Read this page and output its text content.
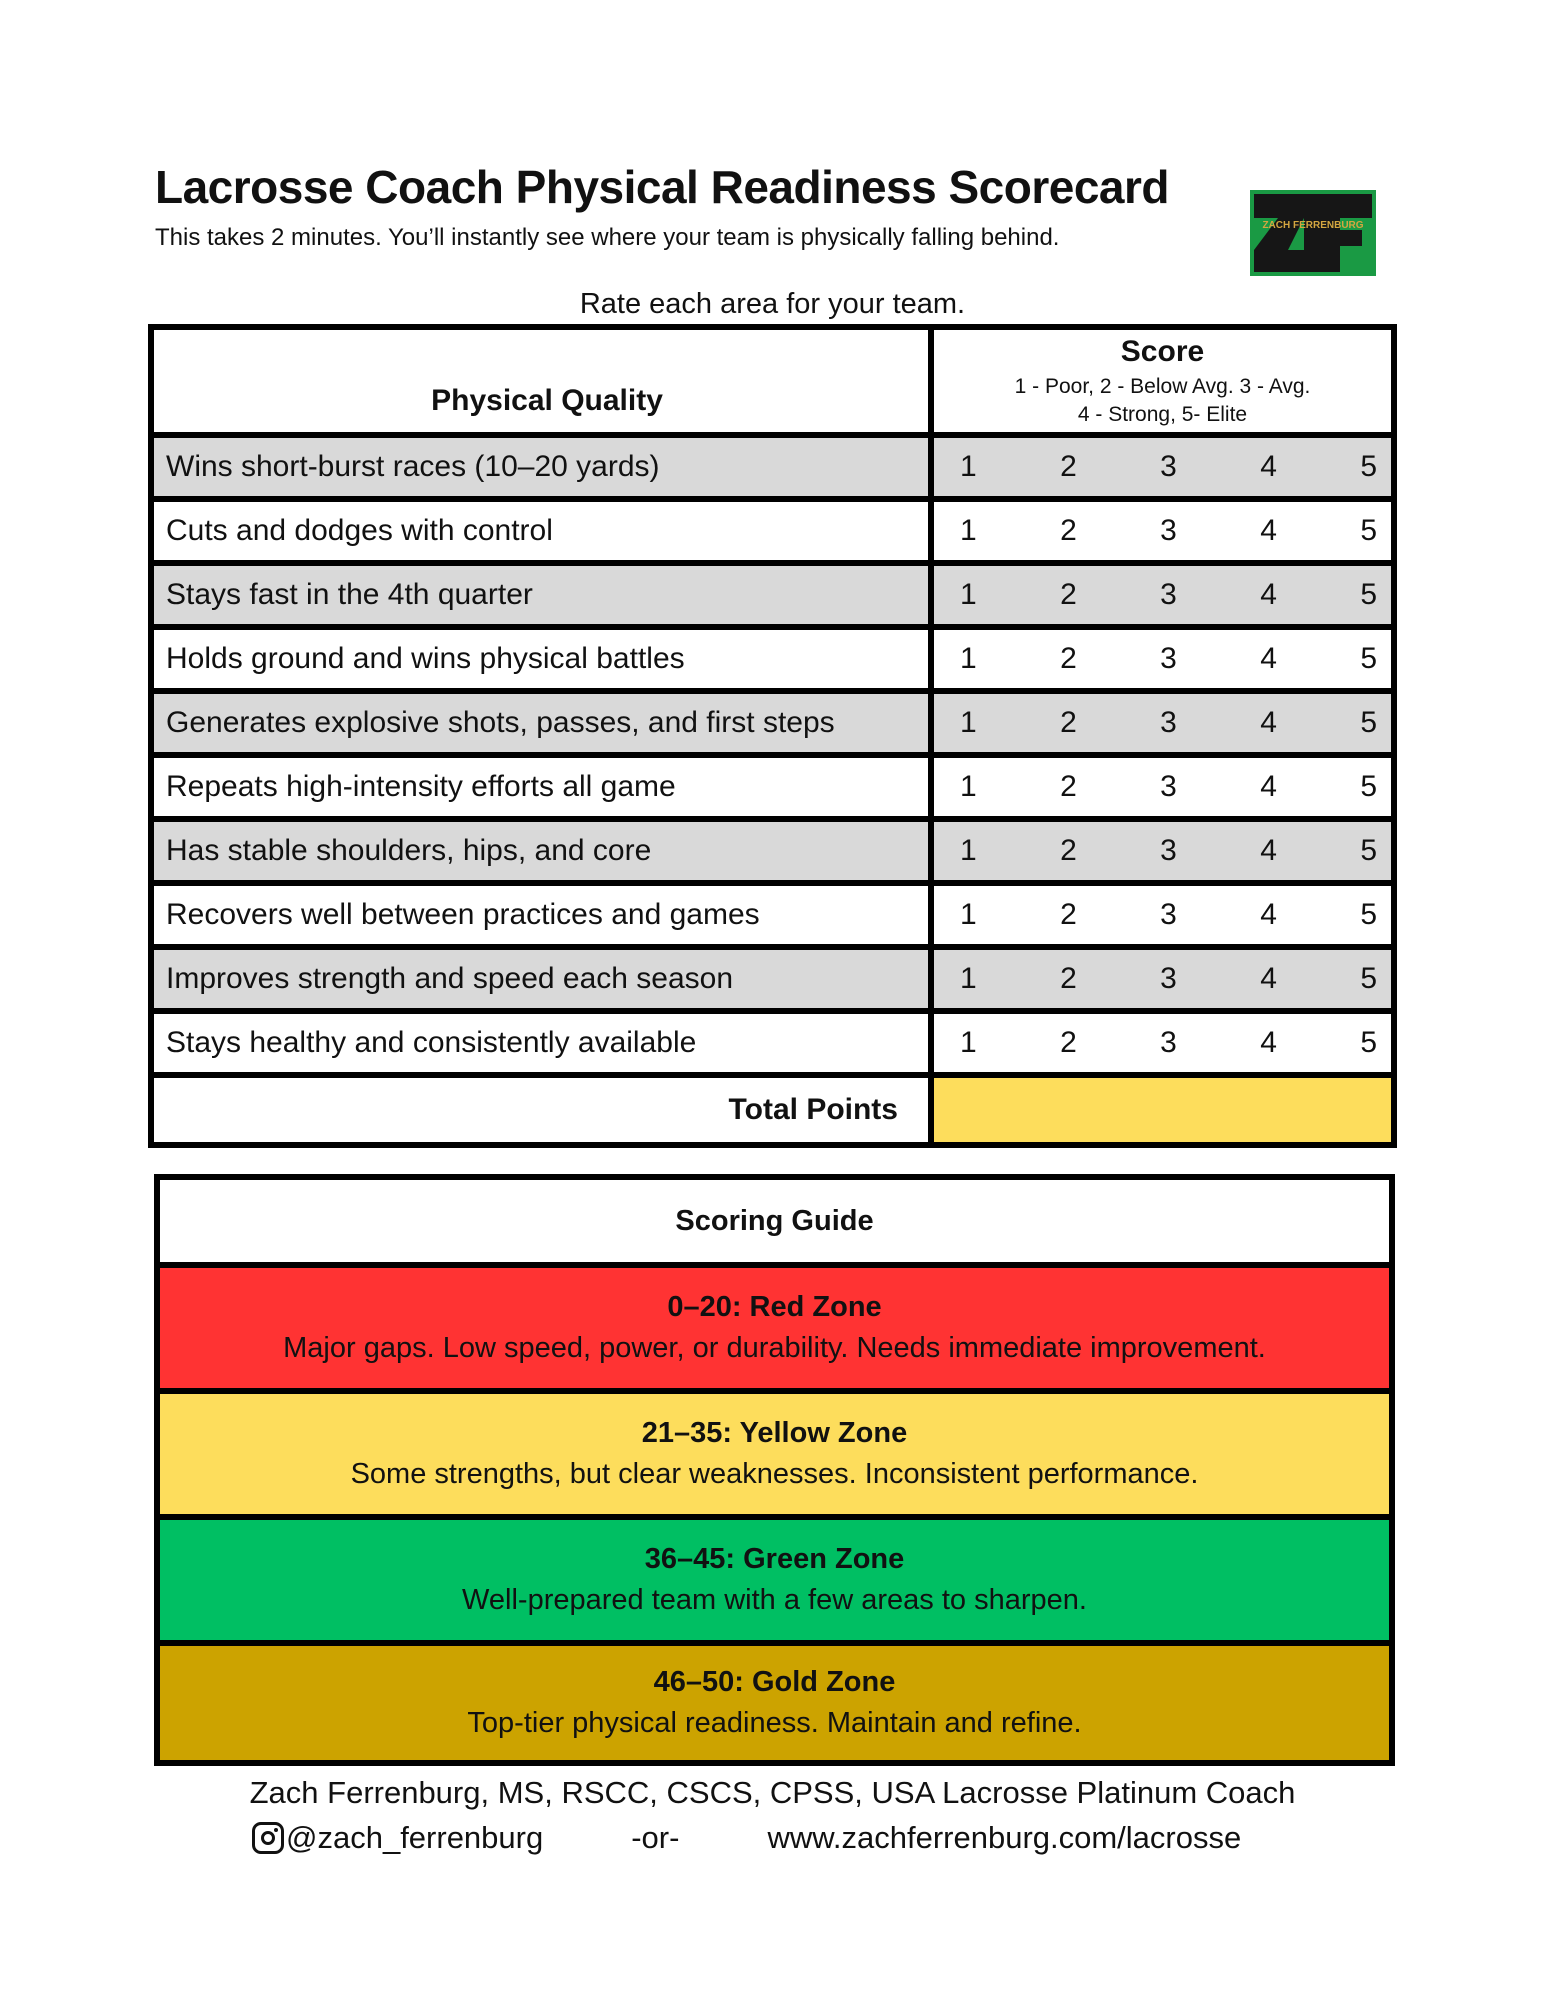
Lacrosse Coach Physical Readiness Scorecard
This takes 2 minutes. You’ll instantly see where your team is physically falling behind.	ZACH FERRENBURG
Rate each area for your team.
Physical Quality
Score
1 - Poor, 2 - Below Avg. 3 - Avg.
4 - Strong, 5- Elite
Wins short-burst races (10–20 yards)	1	2	3	4	5
Cuts and dodges with control	1	2	3	4	5
Stays fast in the 4th quarter	1	2	3	4	5
Holds ground and wins physical battles	1	2	3	4	5
Generates explosive shots, passes, and first steps	1	2	3	4	5
Repeats high-intensity efforts all game	1	2	3	4	5
Has stable shoulders, hips, and core	1	2	3	4	5
Recovers well between practices and games	1	2	3	4	5
Improves strength and speed each season	1	2	3	4	5
Stays healthy and consistently available	1	2	3	4	5
Total Points
Scoring Guide
0–20: Red Zone
Major gaps. Low speed, power, or durability. Needs immediate improvement.
21–35: Yellow Zone
Some strengths, but clear weaknesses. Inconsistent performance.
36–45: Green Zone
Well-prepared team with a few areas to sharpen.
46–50: Gold Zone
Top-tier physical readiness. Maintain and refine.
Zach Ferrenburg, MS, RSCC, CSCS, CPSS, USA Lacrosse Platinum Coach
@zach_ferrenburg	-or-	www.zachferrenburg.com/lacrosse
